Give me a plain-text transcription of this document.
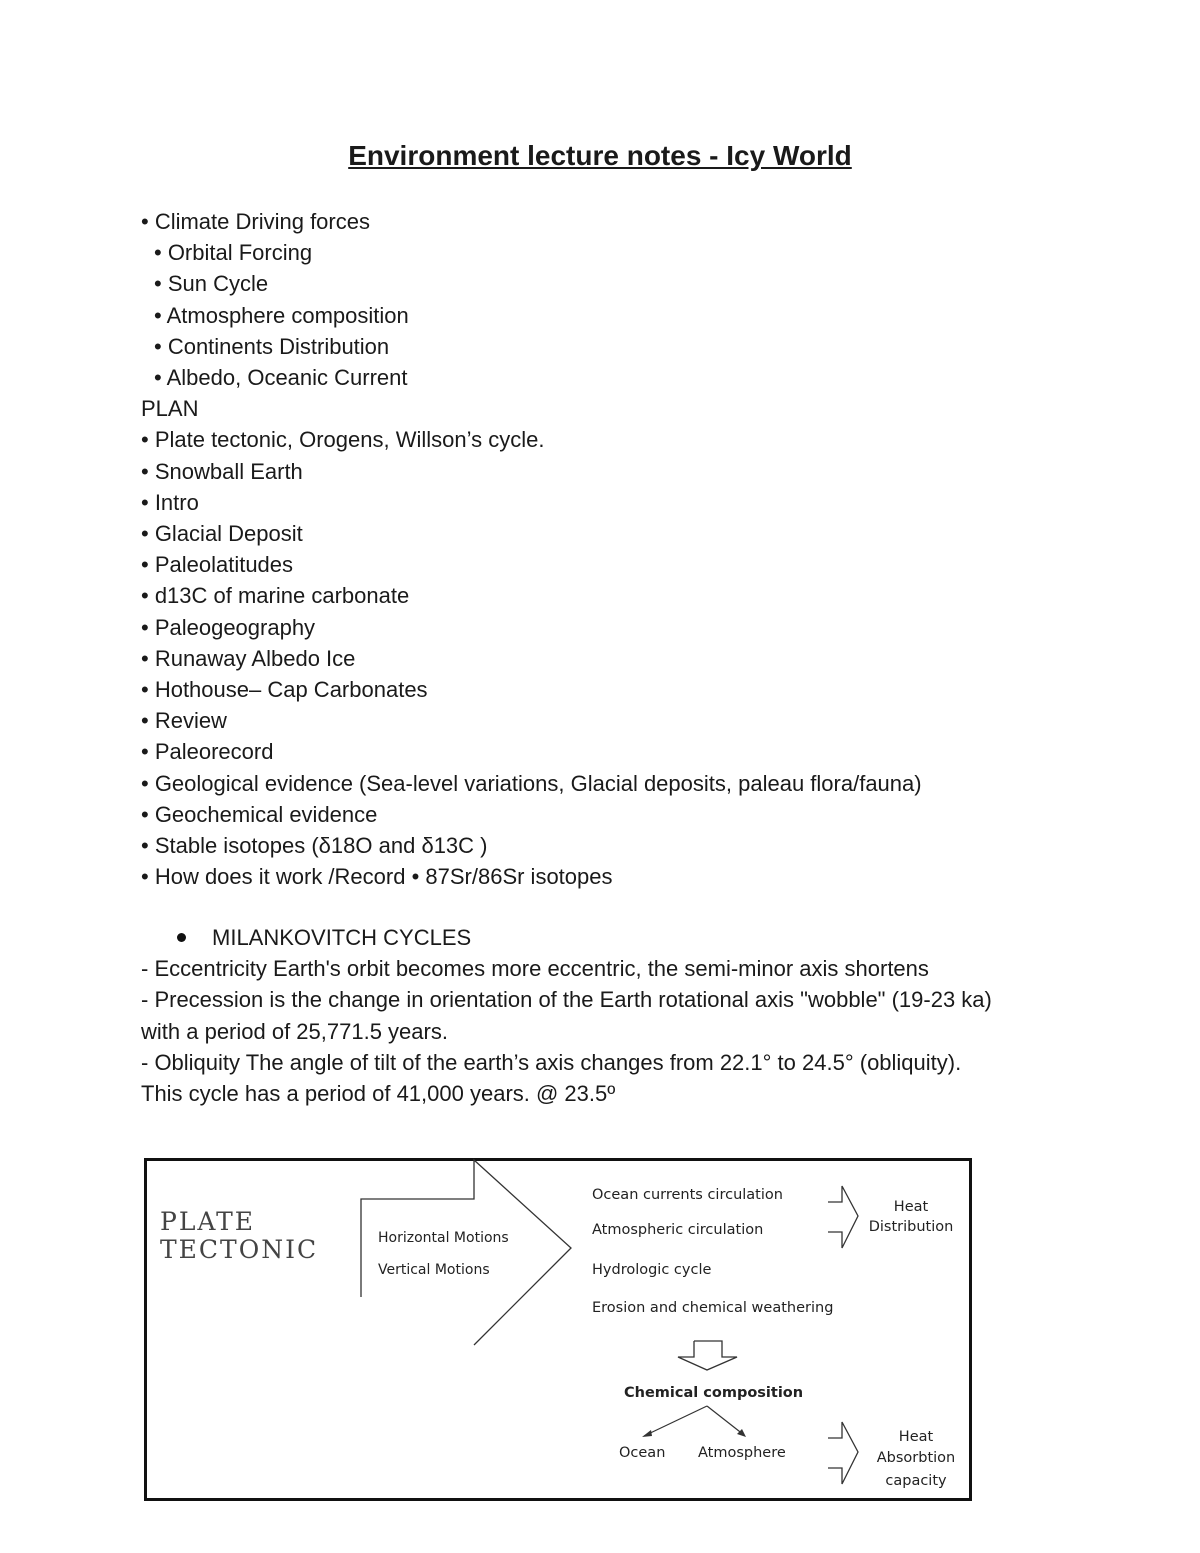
Environment lecture notes - Icy World
• Climate Driving forces
• Orbital Forcing
• Sun Cycle
• Atmosphere composition
• Continents Distribution
• Albedo, Oceanic Current
PLAN
• Plate tectonic, Orogens, Willson’s cycle.
• Snowball Earth
• Intro
• Glacial Deposit
• Paleolatitudes
• d13C of marine carbonate
• Paleogeography
• Runaway Albedo Ice
• Hothouse– Cap Carbonates
• Review
• Paleorecord
• Geological evidence (Sea-level variations, Glacial deposits, paleau flora/fauna)
• Geochemical evidence
• Stable isotopes (δ18O and δ13C )
• How does it work /Record • 87Sr/86Sr isotopes
MILANKOVITCH CYCLES

- Eccentricity Earth's orbit becomes more eccentric, the semi-minor axis shortens

- Precession is the change in orientation of the Earth rotational axis "wobble" (19-23 ka)

with a period of 25,771.5 years.

- Obliquity The angle of tilt of the earth’s axis changes from 22.1° to 24.5° (obliquity).

This cycle has a period of 41,000 years. @ 23.5º

PLATE
TECTONIC	Horizontal Motions
Vertical Motions
Ocean currents circulation
Atmospheric circulation
Hydrologic cycle
Erosion and chemical weathering
Heat
Distribution
Chemical composition
Ocean Atmosphere
Heat
Absorbtion
capacity
